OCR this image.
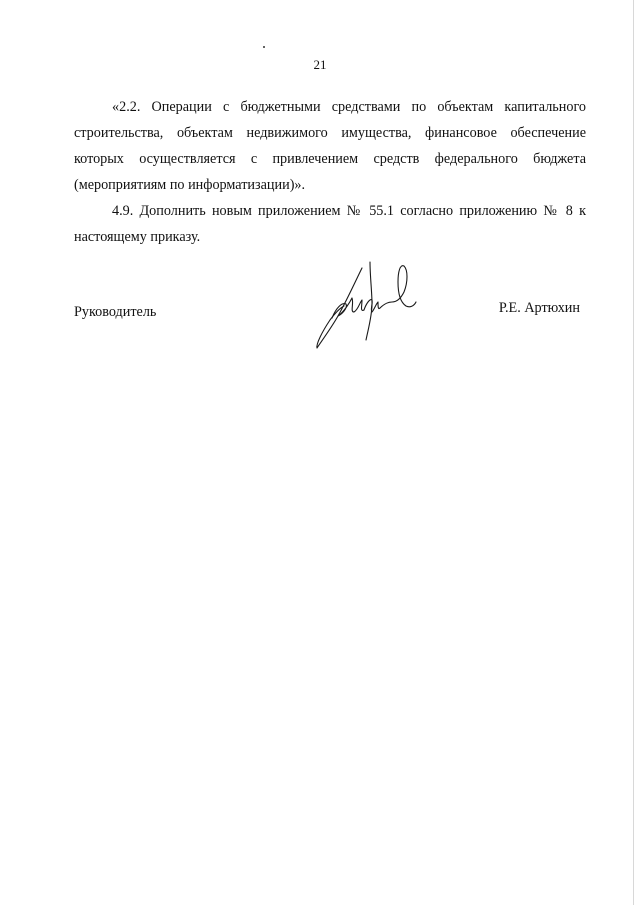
21

«2.2. Операции с бюджетными средствами по объектам капитального строительства, объектам недвижимого имущества, финансовое обеспечение которых осуществляется с привлечением средств федерального бюджета (мероприятиям по информатизации)».

4.9. Дополнить новым приложением № 55.1 согласно приложению № 8 к настоящему приказу.

Руководитель	Р.Е. Артюхин
